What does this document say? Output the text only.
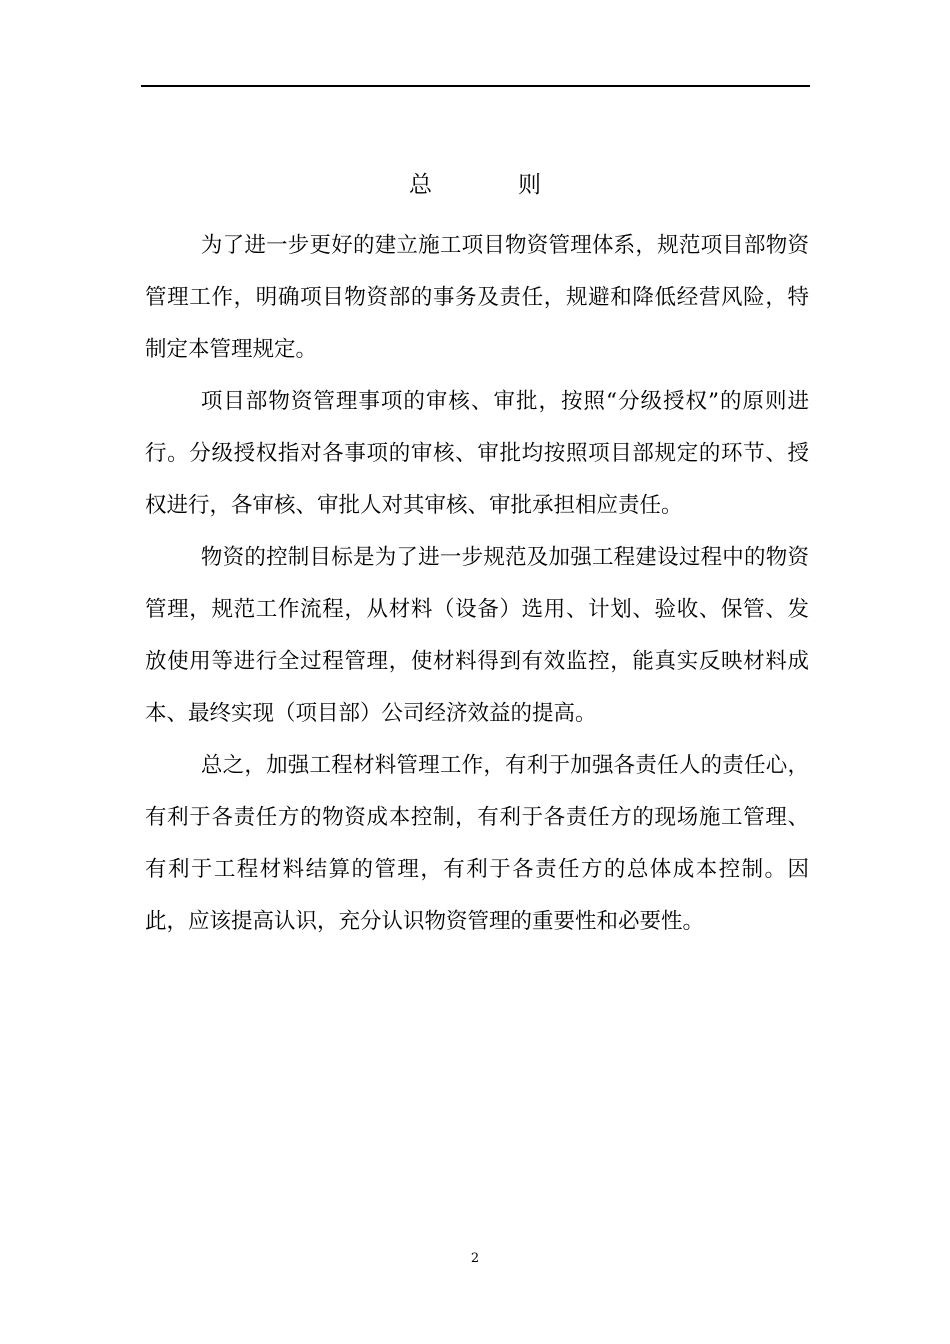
总	则

为了进一步更好的建立施工项目物资管理体系，规范项目部物资管理工作，明确项目物资部的事务及责任，规避和降低经营风险，特制定本管理规定。

项目部物资管理事项的审核、审批，按照“分级授权”的原则进行。分级授权指对各事项的审核、审批均按照项目部规定的环节、授权进行，各审核、审批人对其审核、审批承担相应责任。

物资的控制目标是为了进一步规范及加强工程建设过程中的物资管理，规范工作流程，从材料（设备）选用、计划、验收、保管、发放使用等进行全过程管理，使材料得到有效监控，能真实反映材料成本、最终实现（项目部）公司经济效益的提高。

总之，加强工程材料管理工作，有利于加强各责任人的责任心，有利于各责任方的物资成本控制，有利于各责任方的现场施工管理、有利于工程材料结算的管理，有利于各责任方的总体成本控制。因此，应该提高认识，充分认识物资管理的重要性和必要性。

2
